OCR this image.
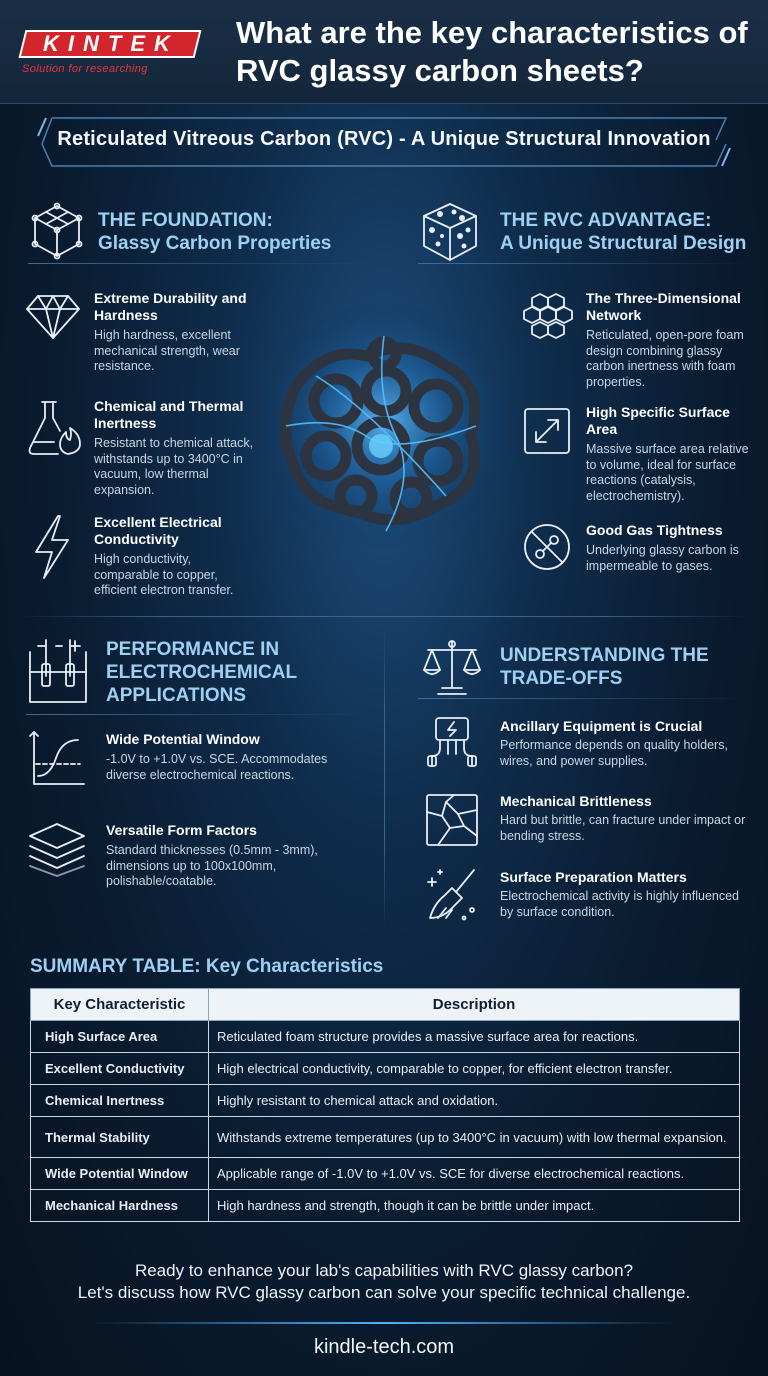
KINTEK
Solution for researching
What are the key characteristics of RVC glassy carbon sheets?
Reticulated Vitreous Carbon (RVC) - A Unique Structural Innovation
THE FOUNDATION:
Glassy Carbon Properties
Extreme Durability and Hardness
High hardness, excellent mechanical strength, wear resistance.
Chemical and Thermal Inertness
Resistant to chemical attack, withstands up to 3400°C in vacuum, low thermal expansion.
Excellent Electrical Conductivity
High conductivity, comparable to copper, efficient electron transfer.
THE RVC ADVANTAGE:
A Unique Structural Design
The Three-Dimensional Network
Reticulated, open-pore foam design combining glassy carbon inertness with foam properties.
High Specific Surface Area
Massive surface area relative to volume, ideal for surface reactions (catalysis, electrochemistry).
Good Gas Tightness
Underlying glassy carbon is impermeable to gases.
PERFORMANCE IN
ELECTROCHEMICAL
APPLICATIONS
Wide Potential Window
-1.0V to +1.0V vs. SCE. Accommodates diverse electrochemical reactions.
Versatile Form Factors
Standard thicknesses (0.5mm - 3mm), dimensions up to 100x100mm, polishable/coatable.
UNDERSTANDING THE
TRADE-OFFS
Ancillary Equipment is Crucial
Performance depends on quality holders, wires, and power supplies.
Mechanical Brittleness
Hard but brittle, can fracture under impact or bending stress.
Surface Preparation Matters
Electrochemical activity is highly influenced by surface condition.
SUMMARY TABLE: Key Characteristics
Key Characteristic	Description
High Surface Area	Reticulated foam structure provides a massive surface area for reactions.
Excellent Conductivity	High electrical conductivity, comparable to copper, for efficient electron transfer.
Chemical Inertness	Highly resistant to chemical attack and oxidation.
Thermal Stability	Withstands extreme temperatures (up to 3400°C in vacuum) with low thermal expansion.
Wide Potential Window	Applicable range of -1.0V to +1.0V vs. SCE for diverse electrochemical reactions.
Mechanical Hardness	High hardness and strength, though it can be brittle under impact.
Ready to enhance your lab's capabilities with RVC glassy carbon?
Let's discuss how RVC glassy carbon can solve your specific technical challenge.
kindle-tech.com
